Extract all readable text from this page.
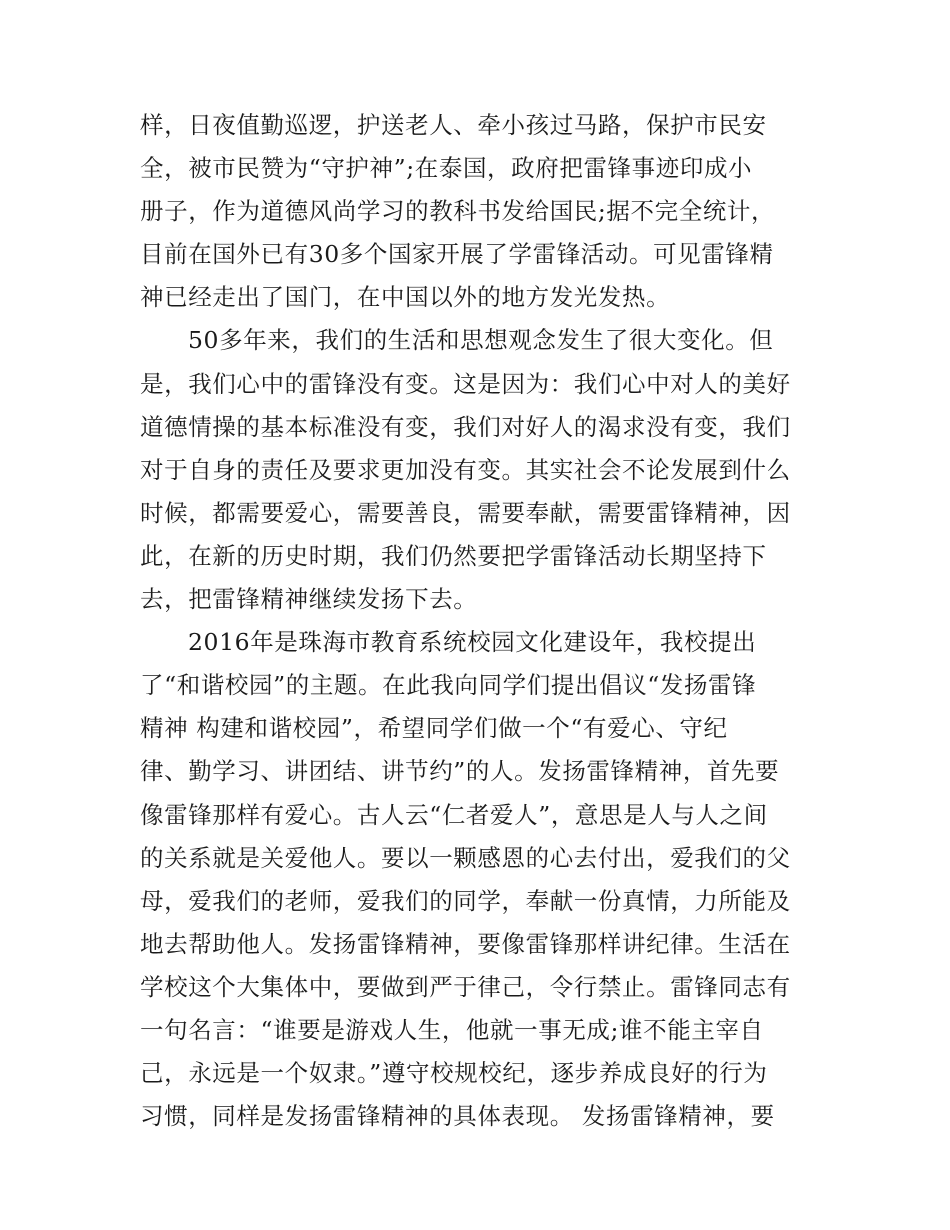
样，日夜值勤巡逻，护送老人、牵小孩过马路，保护市民安
全，被市民赞为“守护神”;在泰国，政府把雷锋事迹印成小
册子，作为道德风尚学习的教科书发给国民;据不完全统计，
目前在国外已有30多个国家开展了学雷锋活动。可见雷锋精
神已经走出了国门，在中国以外的地方发光发热。
50多年来，我们的生活和思想观念发生了很大变化。但
是，我们心中的雷锋没有变。这是因为：我们心中对人的美好
道德情操的基本标准没有变，我们对好人的渴求没有变，我们
对于自身的责任及要求更加没有变。其实社会不论发展到什么
时候，都需要爱心，需要善良，需要奉献，需要雷锋精神，因
此，在新的历史时期，我们仍然要把学雷锋活动长期坚持下
去，把雷锋精神继续发扬下去。
2016年是珠海市教育系统校园文化建设年，我校提出
了“和谐校园”的主题。在此我向同学们提出倡议“发扬雷锋
精神 构建和谐校园”，希望同学们做一个“有爱心、守纪
律、勤学习、讲团结、讲节约”的人。发扬雷锋精神，首先要
像雷锋那样有爱心。古人云“仁者爱人”，意思是人与人之间
的关系就是关爱他人。要以一颗感恩的心去付出，爱我们的父
母，爱我们的老师，爱我们的同学，奉献一份真情，力所能及
地去帮助他人。发扬雷锋精神，要像雷锋那样讲纪律。生活在
学校这个大集体中，要做到严于律己，令行禁止。雷锋同志有
一句名言：“谁要是游戏人生，他就一事无成;谁不能主宰自
己，永远是一个奴隶。”遵守校规校纪，逐步养成良好的行为
习惯，同样是发扬雷锋精神的具体表现。 发扬雷锋精神，要
